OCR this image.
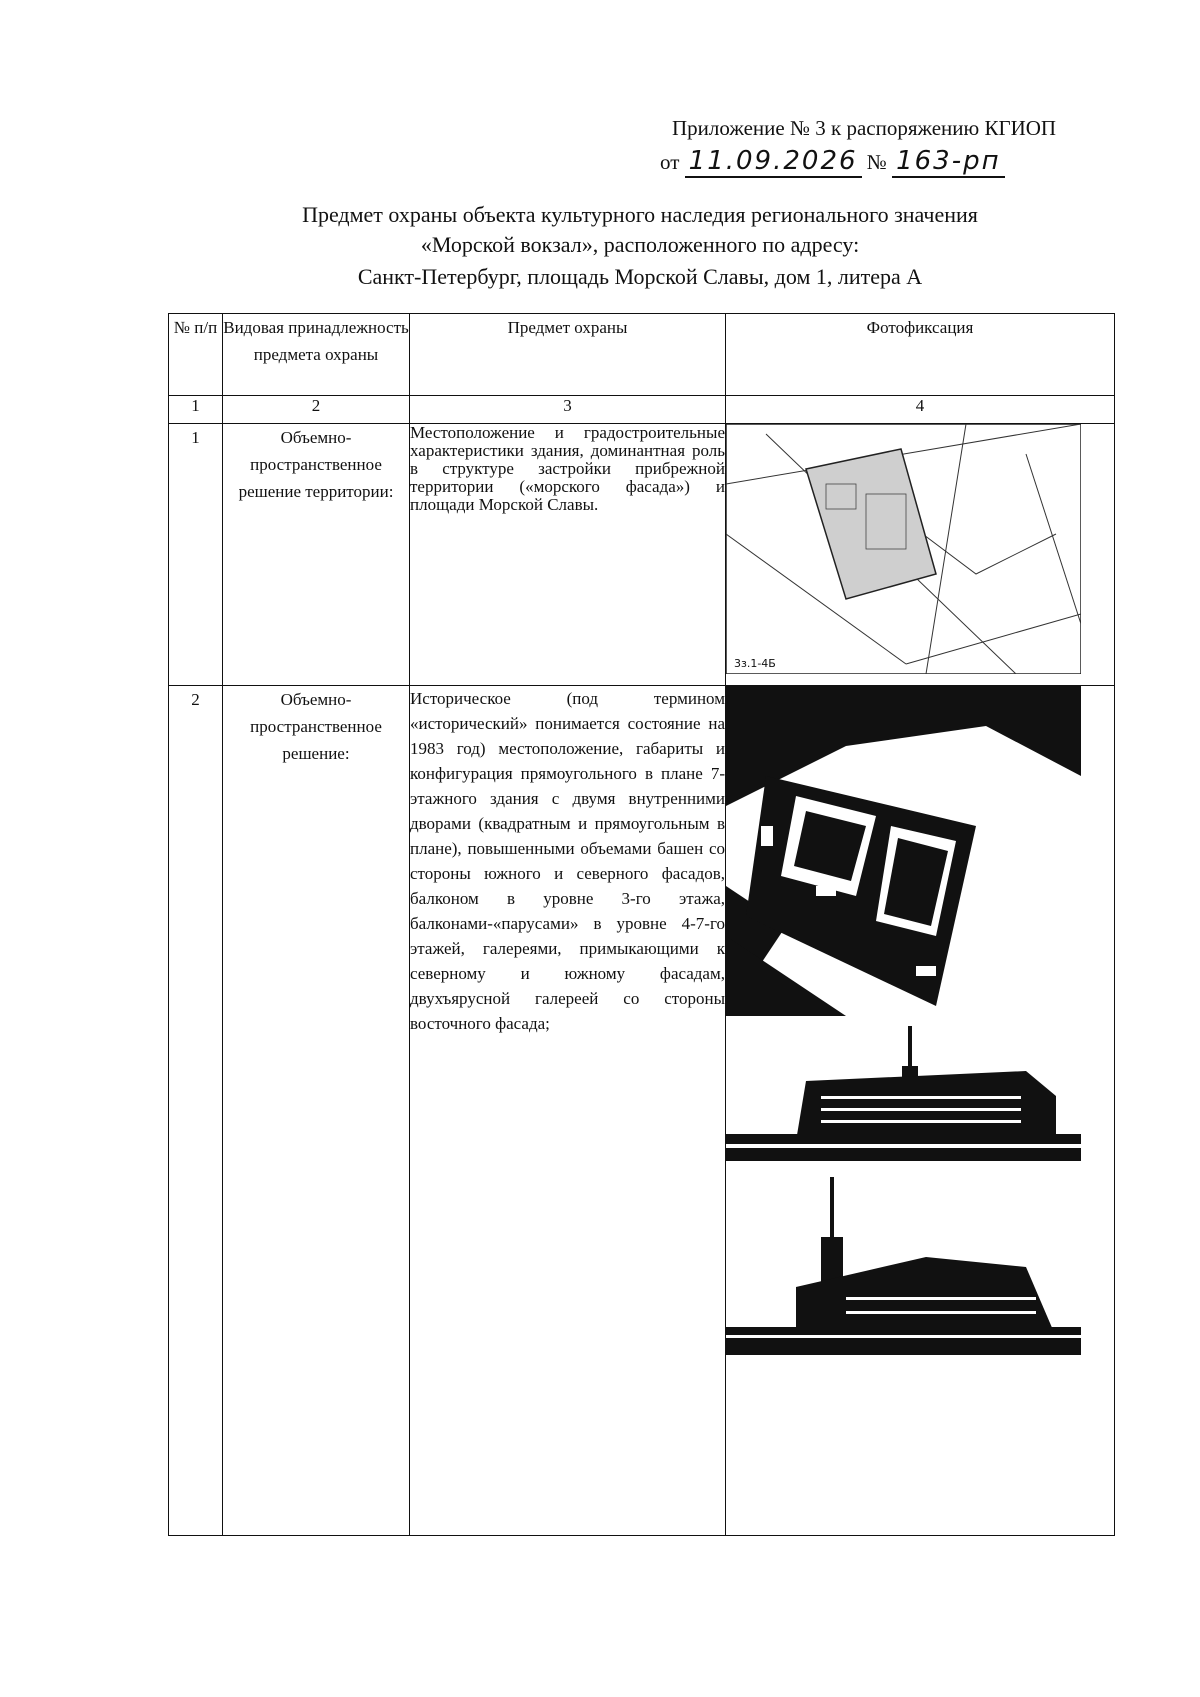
Приложение № 3 к распоряжению КГИОП
от 11.09.2026 № 163-рп
Предмет охраны объекта культурного наследия регионального значения
«Морской вокзал», расположенного по адресу:
Санкт-Петербург, площадь Морской Славы, дом 1, литера А
№ п/п	Видовая принадлежность предмета охраны	Предмет охраны	Фотофиксация
1	2	3	4
1	Объемно-пространственное решение территории:	Местоположение и градостроительные характеристики здания, доминантная роль в структуре застройки прибрежной территории («морского фасада») и площади Морской Славы.	3з.1-4Б

2	Объемно-пространственное решение:	Историческое (под термином «исторический» понимается состояние на 1983 год) местоположение, габариты и конфигурация прямоугольного в плане 7-этажного здания с двумя внутренними дворами (квадратным и прямоугольным в плане), повышенными объемами башен со стороны южного и северного фасадов, балконом в уровне 3-го этажа, балконами-«парусами» в уровне 4-7-го этажей, галереями, примыкающими к северному и южному фасадам, двухъярусной галереей со стороны восточного фасада;	
